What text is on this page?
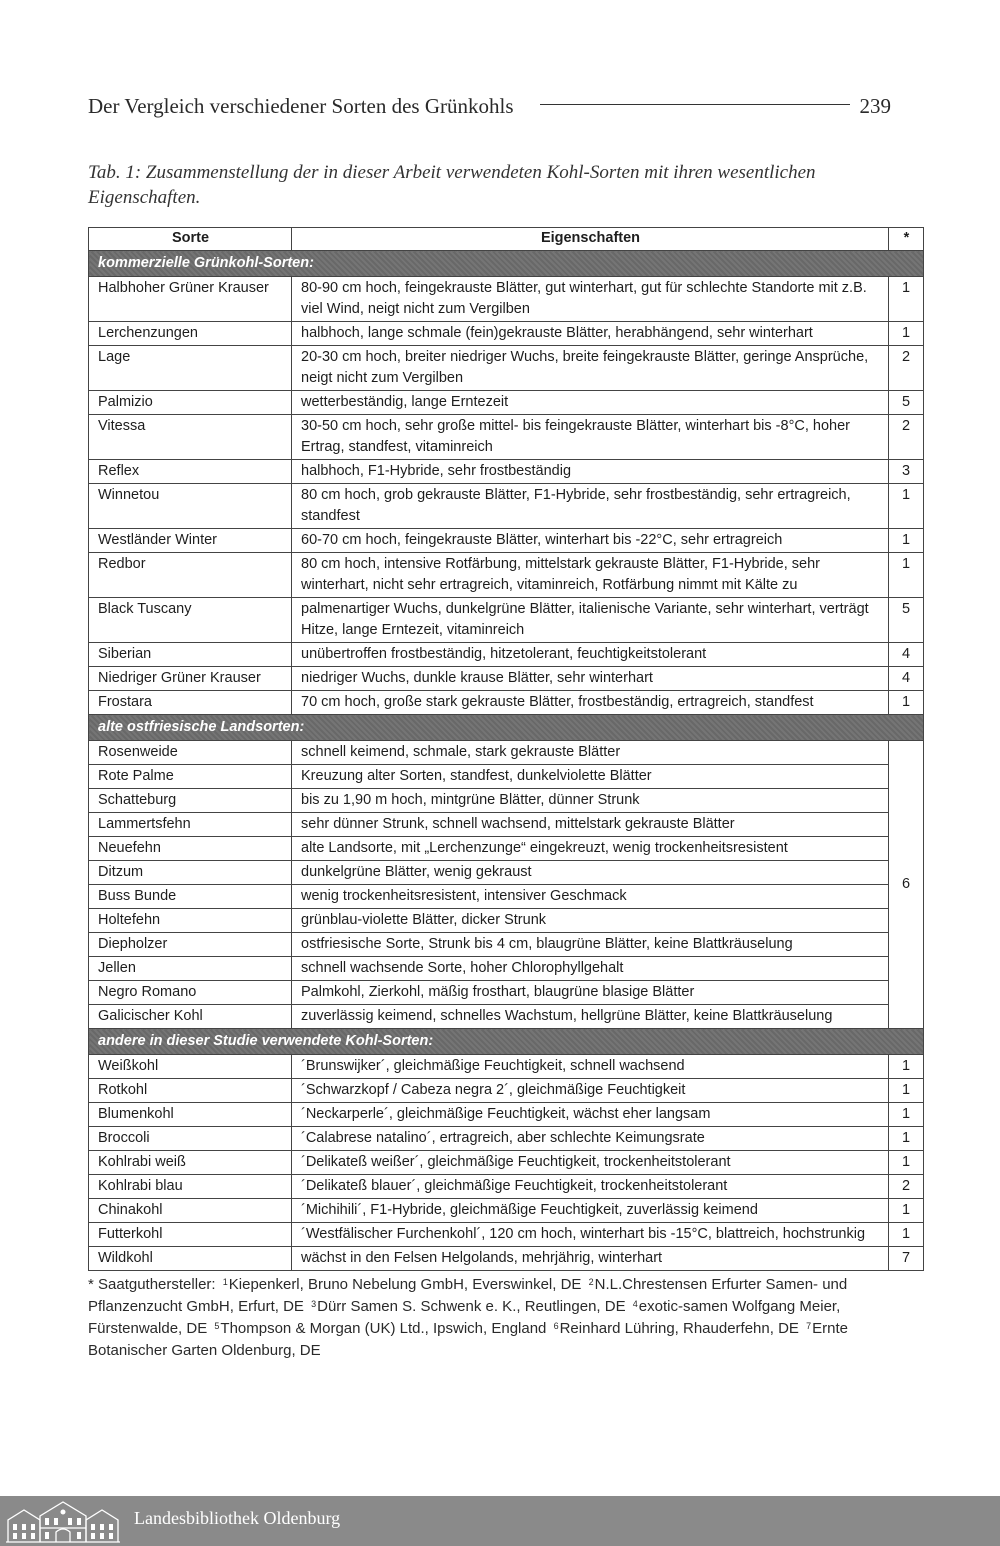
Der Vergleich verschiedener Sorten des Grünkohls	239
Tab. 1: Zusammenstellung der in dieser Arbeit verwendeten Kohl-Sorten mit ihren wesentlichen Eigenschaften.
Sorte	Eigenschaften	*
kommerzielle Grünkohl-Sorten:		
Halbhoher Grüner Krauser	80-90 cm hoch, feingekrauste Blätter, gut winterhart, gut für schlechte Standorte mit z.B. viel Wind, neigt nicht zum Vergilben	1
Lerchenzungen	halbhoch, lange schmale (fein)gekrauste Blätter, herabhängend, sehr winterhart	1
Lage	20-30 cm hoch, breiter niedriger Wuchs, breite feingekrauste Blätter, geringe Ansprüche, neigt nicht zum Vergilben	2
Palmizio	wetterbeständig, lange Erntezeit	5
Vitessa	30-50 cm hoch, sehr große mittel- bis feingekrauste Blätter, winterhart bis -8°C, hoher Ertrag, standfest, vitaminreich	2
Reflex	halbhoch, F1-Hybride, sehr frostbeständig	3
Winnetou	80 cm hoch, grob gekrauste Blätter, F1-Hybride, sehr frostbeständig, sehr ertragreich, standfest	1
Westländer Winter	60-70 cm hoch, feingekrauste Blätter, winterhart bis -22°C, sehr ertragreich	1
Redbor	80 cm hoch, intensive Rotfärbung, mittelstark gekrauste Blätter, F1-Hybride, sehr winterhart, nicht sehr ertragreich, vitaminreich, Rotfärbung nimmt mit Kälte zu	1
Black Tuscany	palmenartiger Wuchs, dunkelgrüne Blätter, italienische Variante, sehr winterhart, verträgt Hitze, lange Erntezeit, vitaminreich	5
Siberian	unübertroffen frostbeständig, hitzetolerant, feuchtigkeitstolerant	4
Niedriger Grüner Krauser	niedriger Wuchs, dunkle krause Blätter, sehr winterhart	4
Frostara	70 cm hoch, große stark gekrauste Blätter, frostbeständig, ertragreich, standfest	1
alte ostfriesische Landsorten:		
Rosenweide	schnell keimend, schmale, stark gekrauste Blätter	6
Rote Palme	Kreuzung alter Sorten, standfest, dunkelviolette Blätter	
Schatteburg	bis zu 1,90 m hoch, mintgrüne Blätter, dünner Strunk	
Lammertsfehn	sehr dünner Strunk, schnell wachsend, mittelstark gekrauste Blätter	
Neuefehn	alte Landsorte, mit „Lerchenzunge“ eingekreuzt, wenig trockenheitsresistent	
Ditzum	dunkelgrüne Blätter, wenig gekraust	
Buss Bunde	wenig trockenheitsresistent, intensiver Geschmack	
Holtefehn	grünblau-violette Blätter, dicker Strunk	
Diepholzer	ostfriesische Sorte, Strunk bis 4 cm, blaugrüne Blätter, keine Blattkräuselung	
Jellen	schnell wachsende Sorte, hoher Chlorophyllgehalt	
Negro Romano	Palmkohl, Zierkohl, mäßig frosthart, blaugrüne blasige Blätter	
Galicischer Kohl	zuverlässig keimend, schnelles Wachstum, hellgrüne Blätter, keine Blattkräuselung	
andere in dieser Studie verwendete Kohl-Sorten:		
Weißkohl	´Brunswijker´, gleichmäßige Feuchtigkeit, schnell wachsend	1
Rotkohl	´Schwarzkopf / Cabeza negra 2´, gleichmäßige Feuchtigkeit	1
Blumenkohl	´Neckarperle´, gleichmäßige Feuchtigkeit, wächst eher langsam	1
Broccoli	´Calabrese natalino´, ertragreich, aber schlechte Keimungsrate	1
Kohlrabi weiß	´Delikateß weißer´, gleichmäßige Feuchtigkeit, trockenheitstolerant	1
Kohlrabi blau	´Delikateß blauer´, gleichmäßige Feuchtigkeit, trockenheitstolerant	2
Chinakohl	´Michihili´, F1-Hybride, gleichmäßige Feuchtigkeit, zuverlässig keimend	1
Futterkohl	´Westfälischer Furchenkohl´, 120 cm hoch, winterhart bis -15°C, blattreich, hochstrunkig	1
Wildkohl	wächst in den Felsen Helgolands, mehrjährig, winterhart	7
* Saatguthersteller: $^1$Kiepenkerl, Bruno Nebelung GmbH, Everswinkel, DE $^2$N.L.Chrestensen Erfurter Samen- und Pflanzenzucht GmbH, Erfurt, DE $^3$Dürr Samen S. Schwenk e. K., Reutlingen, DE $^4$exotic-samen Wolfgang Meier, Fürstenwalde, DE $^5$Thompson & Morgan (UK) Ltd., Ipswich, England $^6$Reinhard Lühring, Rhauderfehn, DE $^7$Ernte Botanischer Garten Oldenburg, DE
Landesbibliothek Oldenburg
